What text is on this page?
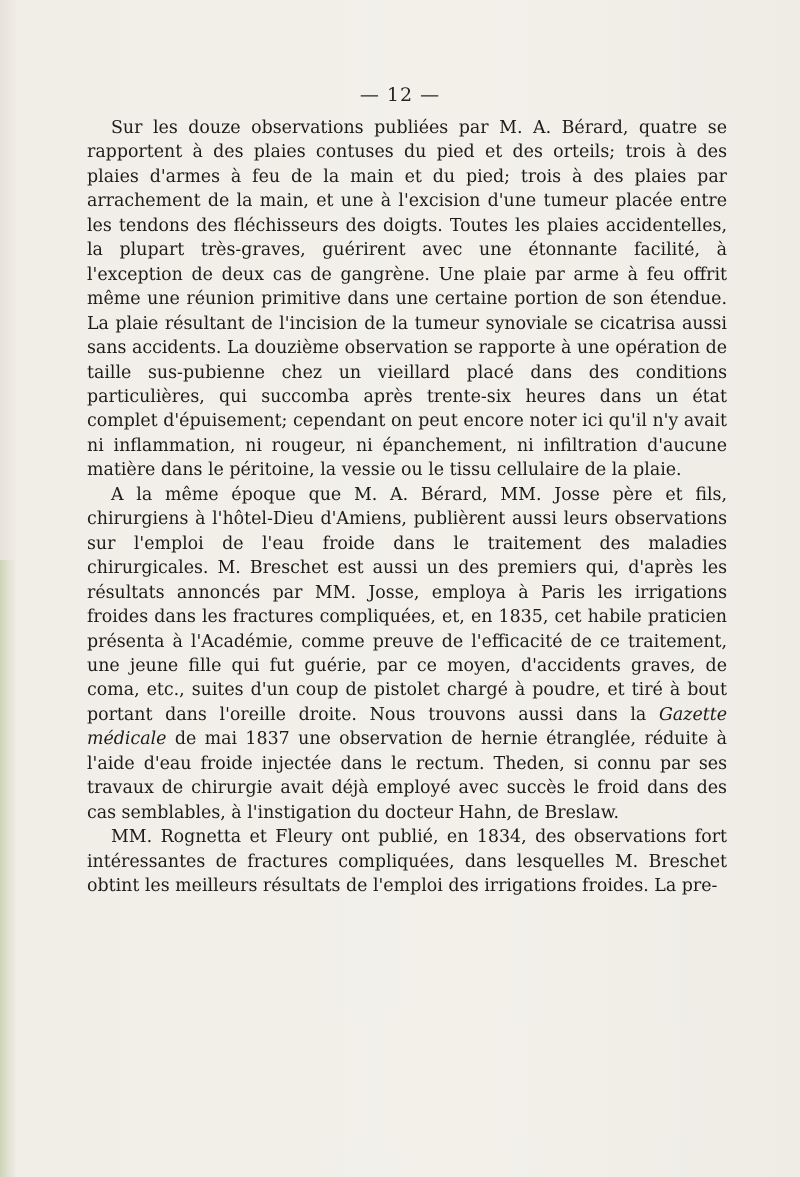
— 12 —

Sur les douze observations publiées par M. A. Bérard, quatre se rapportent à des plaies contuses du pied et des orteils; trois à des plaies d'armes à feu de la main et du pied; trois à des plaies par arrachement de la main, et une à l'excision d'une tumeur placée entre les tendons des fléchisseurs des doigts. Toutes les plaies accidentelles, la plupart très-graves, guérirent avec une étonnante facilité, à l'exception de deux cas de gangrène. Une plaie par arme à feu offrit même une réunion primitive dans une certaine portion de son étendue. La plaie résultant de l'incision de la tumeur synoviale se cicatrisa aussi sans accidents. La douzième observation se rapporte à une opération de taille sus-pubienne chez un vieillard placé dans des conditions particulières, qui succomba après trente-six heures dans un état complet d'épuisement; cependant on peut encore noter ici qu'il n'y avait ni inflammation, ni rougeur, ni épanchement, ni infiltration d'aucune matière dans le péritoine, la vessie ou le tissu cellulaire de la plaie.

A la même époque que M. A. Bérard, MM. Josse père et fils, chirurgiens à l'hôtel-Dieu d'Amiens, publièrent aussi leurs observations sur l'emploi de l'eau froide dans le traitement des maladies chirurgicales. M. Breschet est aussi un des premiers qui, d'après les résultats annoncés par MM. Josse, employa à Paris les irrigations froides dans les fractures compliquées, et, en 1835, cet habile praticien présenta à l'Académie, comme preuve de l'efficacité de ce traitement, une jeune fille qui fut guérie, par ce moyen, d'accidents graves, de coma, etc., suites d'un coup de pistolet chargé à poudre, et tiré à bout portant dans l'oreille droite. Nous trouvons aussi dans la Gazette médicale de mai 1837 une observation de hernie étranglée, réduite à l'aide d'eau froide injectée dans le rectum. Theden, si connu par ses travaux de chirurgie avait déjà employé avec succès le froid dans des cas semblables, à l'instigation du docteur Hahn, de Breslaw.

MM. Rognetta et Fleury ont publié, en 1834, des observations fort intéressantes de fractures compliquées, dans lesquelles M. Breschet obtint les meilleurs résultats de l'emploi des irrigations froides. La pre-
